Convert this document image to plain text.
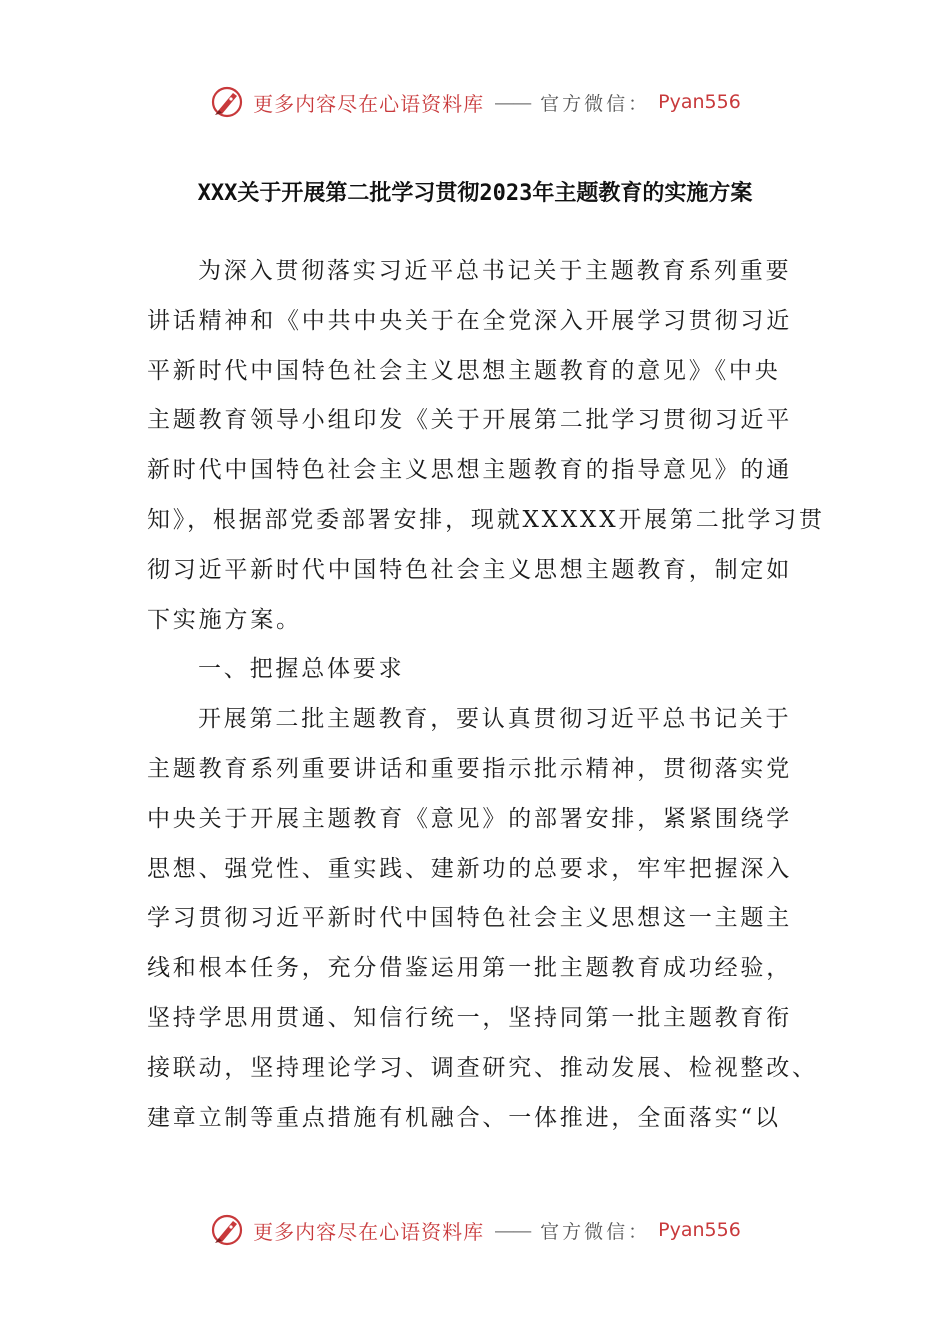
更多内容尽在心语资料库 —— 官方微信： Pyan556
XXX关于开展第二批学习贯彻2023年主题教育的实施方案
为深入贯彻落实习近平总书记关于主题教育系列重要
讲话精神和《中共中央关于在全党深入开展学习贯彻习近
平新时代中国特色社会主义思想主题教育的意见》《中央
主题教育领导小组印发《关于开展第二批学习贯彻习近平
新时代中国特色社会主义思想主题教育的指导意见》的通
知》，根据部党委部署安排，现就XXXXX开展第二批学习贯
彻习近平新时代中国特色社会主义思想主题教育，制定如
下实施方案。
一、把握总体要求
开展第二批主题教育，要认真贯彻习近平总书记关于
主题教育系列重要讲话和重要指示批示精神，贯彻落实党
中央关于开展主题教育《意见》的部署安排，紧紧围绕学
思想、强党性、重实践、建新功的总要求，牢牢把握深入
学习贯彻习近平新时代中国特色社会主义思想这一主题主
线和根本任务，充分借鉴运用第一批主题教育成功经验，
坚持学思用贯通、知信行统一，坚持同第一批主题教育衔
接联动，坚持理论学习、调查研究、推动发展、检视整改、
建章立制等重点措施有机融合、一体推进，全面落实“以
更多内容尽在心语资料库 —— 官方微信： Pyan556
